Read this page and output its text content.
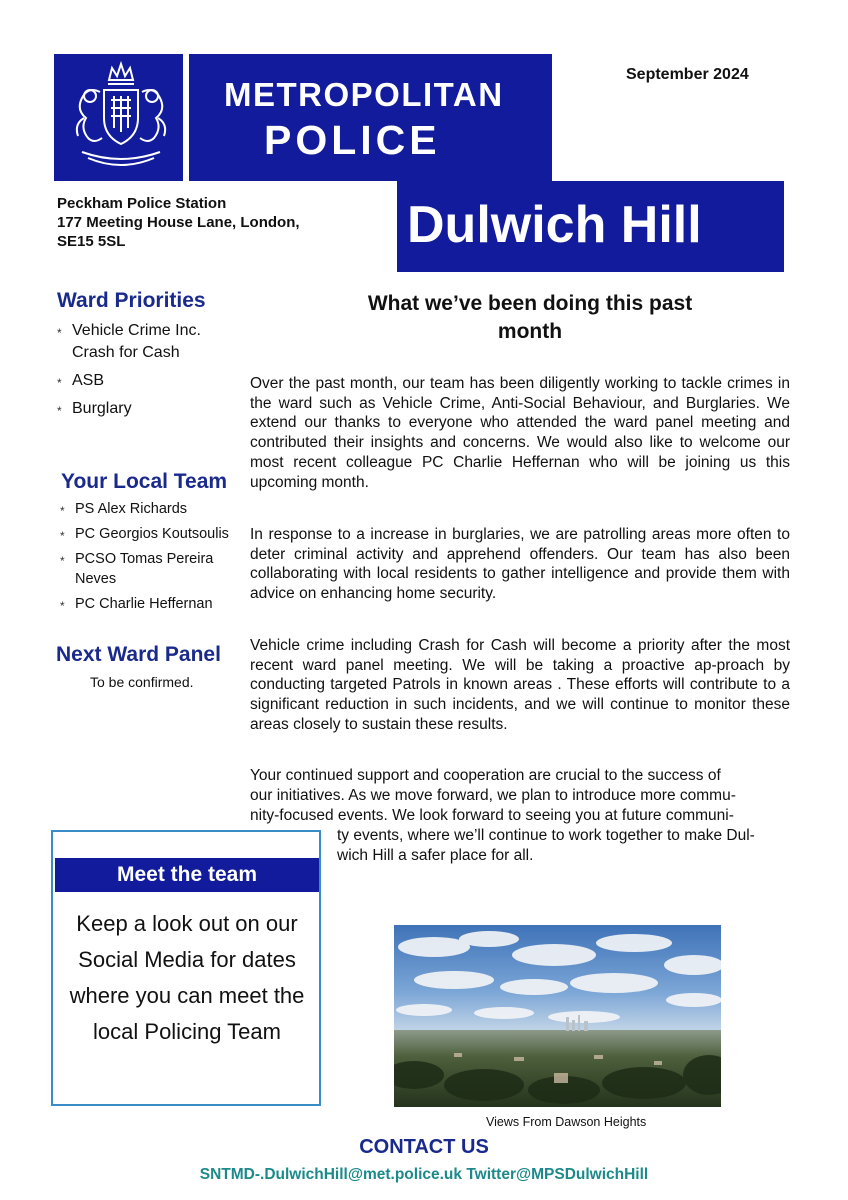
METROPOLITAN
POLICE
September 2024
Peckham Police Station
177 Meeting House Lane, London,
SE15 5SL	Dulwich Hill
Ward Priorities
* Vehicle Crime Inc. Crash for Cash
* ASB
* Burglary
Your Local Team
* PS Alex Richards
* PC Georgios Koutsoulis
* PCSO Tomas Pereira Neves
* PC Charlie Heffernan
Next Ward Panel
To be confirmed.
What we’ve been doing this past
month
Over the past month, our team has been diligently working to tackle crimes in the ward such as Vehicle Crime, Anti-Social Behaviour, and Burglaries. We extend our thanks to everyone who attended the ward panel meeting and contributed their insights and concerns. We would also like to welcome our most recent colleague PC Charlie Heffernan who will be joining us this upcoming month.
In response to a increase in burglaries, we are patrolling areas more often to deter criminal activity and apprehend offenders. Our team has also been collaborating with local residents to gather intelligence and provide them with advice on enhancing home security.
Vehicle crime including Crash for Cash will become a priority after the most recent ward panel meeting. We will be taking a proactive ap-proach by conducting targeted Patrols in known areas . These efforts will contribute to a significant reduction in such incidents, and we will continue to monitor these areas closely to sustain these results.
Your continued support and cooperation are crucial to the success of
our initiatives. As we move forward, we plan to introduce more commu-
nity-focused events. We look forward to seeing you at future communi-
ty events, where we’ll continue to work together to make Dul-
wich Hill a safer place for all.
Meet the team
Keep a look out on our Social Media for dates where you can meet the local Policing Team
Views From Dawson Heights
CONTACT US
SNTMD-.DulwichHill@met.police.uk Twitter@MPSDulwichHill
